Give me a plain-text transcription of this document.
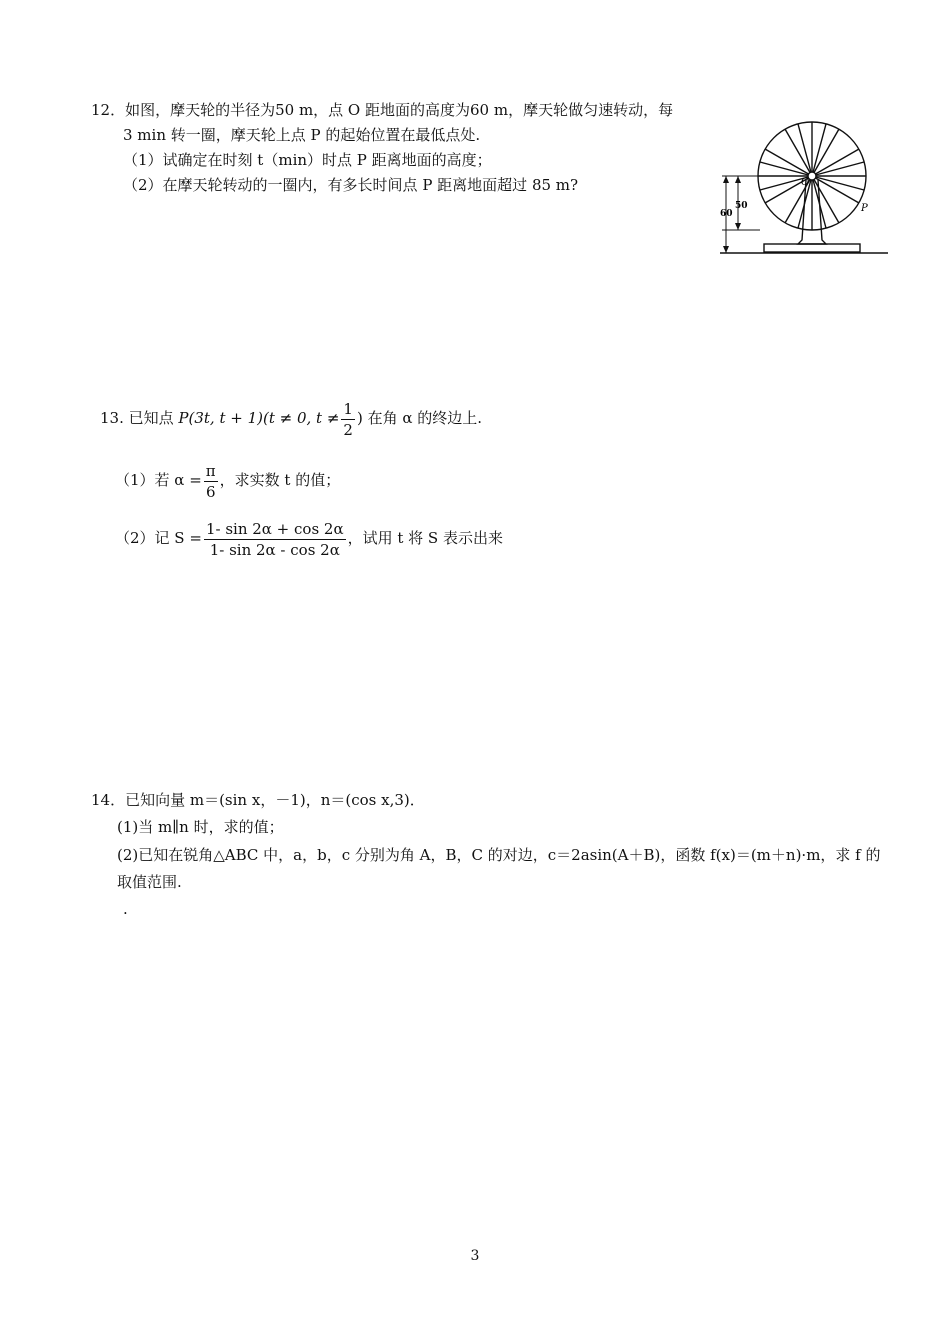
12．如图，摩天轮的半径为50 m，点 O 距地面的高度为60 m，摩天轮做匀速转动，每
3 min 转一圈，摩天轮上点 P 的起始位置在最低点处.
（1）试确定在时刻 t（min）时点 P 距离地面的高度；
（2）在摩天轮转动的一圈内，有多长时间点 P 距离地面超过 85 m?	O
P
60
50
13. 已知点 P(3t, t + 1)(t ≠ 0, $t \ne \frac{1}{2}$ ) 在角 α 的终边上.
（1）若 $\alpha = \frac{\pi}{6}$ ，求实数 t 的值；
（2）记 $S = \frac{1- \sin 2\alpha + \cos 2\alpha}{1- \sin 2\alpha - \cos 2\alpha}$ ，试用 t 将 S 表示出来
14．已知向量 m＝(sin x，－1)，n＝(cos x,3)．
(1)当 m∥n 时，求的值；
(2)已知在锐角△ABC 中，a，b，c 分别为角 A，B，C 的对边，c＝2asin(A＋B)，函数 f(x)＝(m＋n)·m，求 f 的
取值范围.
.
3
